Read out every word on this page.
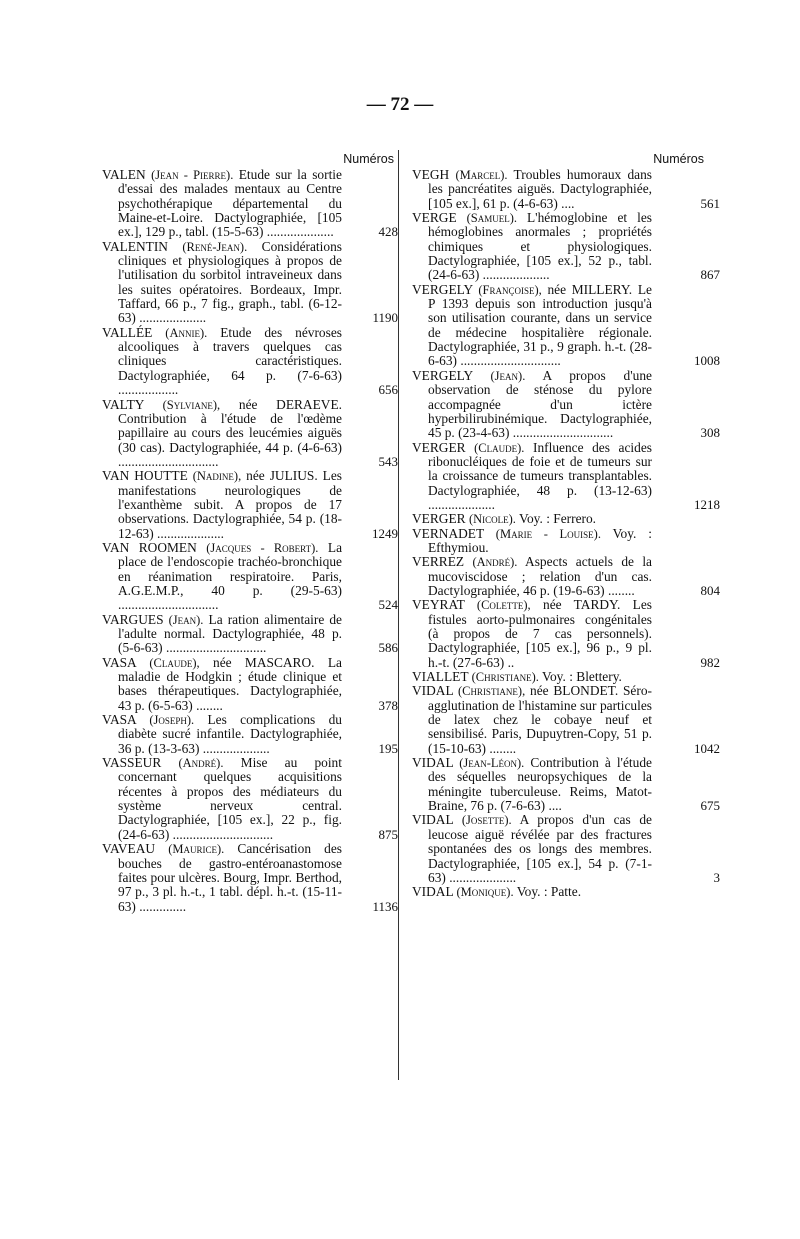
— 72 —
Numéros
VALEN (Jean - Pierre). Etude sur la sortie d'essai des malades mentaux au Centre psychothérapique départemental du Maine-et-Loire. Dactylographiée, [105 ex.], 129 p., tabl. (15-5-63) ....................	428
VALENTIN (René-Jean). Considérations cliniques et physiologiques à propos de l'utilisation du sorbitol intraveineux dans les suites opératoires. Bordeaux, Impr. Taffard, 66 p., 7 fig., graph., tabl. (6-12-63) ....................	1190
VALLÉE (Annie). Etude des névroses alcooliques à travers quelques cas cliniques caractéristiques. Dactylographiée, 64 p. (7-6-63) ..................	656
VALTY (Sylviane), née DERAEVE. Contribution à l'étude de l'œdème papillaire au cours des leucémies aiguës (30 cas). Dactylographiée, 44 p. (4-6-63) ..............................	543
VAN HOUTTE (Nadine), née JULIUS. Les manifestations neurologiques de l'exanthème subit. A propos de 17 observations. Dactylographiée, 54 p. (18-12-63) ....................	1249
VAN ROOMEN (Jacques - Robert). La place de l'endoscopie trachéo-bronchique en réanimation respiratoire. Paris, A.G.E.M.P., 40 p. (29-5-63) ..............................	524
VARGUES (Jean). La ration alimentaire de l'adulte normal. Dactylographiée, 48 p. (5-6-63) ..............................	586
VASA (Claude), née MASCARO. La maladie de Hodgkin ; étude clinique et bases thérapeutiques. Dactylographiée, 43 p. (6-5-63) ........	378
VASA (Joseph). Les complications du diabète sucré infantile. Dactylographiée, 36 p. (13-3-63) ....................	195
VASSEUR (André). Mise au point concernant quelques acquisitions récentes à propos des médiateurs du système nerveux central. Dactylographiée, [105 ex.], 22 p., fig. (24-6-63) ..............................	875
VAVEAU (Maurice). Cancérisation des bouches de gastro-entéroanastomose faites pour ulcères. Bourg, Impr. Berthod, 97 p., 3 pl. h.-t., 1 tabl. dépl. h.-t. (15-11-63) ..............	1136
Numéros
VEGH (Marcel). Troubles humoraux dans les pancréatites aiguës. Dactylographiée, [105 ex.], 61 p. (4-6-63) ....	561
VERGE (Samuel). L'hémoglobine et les hémoglobines anormales ; propriétés chimiques et physiologiques. Dactylographiée, [105 ex.], 52 p., tabl. (24-6-63) ....................	867
VERGELY (Françoise), née MILLERY. Le P 1393 depuis son introduction jusqu'à son utilisation courante, dans un service de médecine hospitalière régionale. Dactylographiée, 31 p., 9 graph. h.-t. (28-6-63) ..............................	1008
VERGELY (Jean). A propos d'une observation de sténose du pylore accompagnée d'un ictère hyperbilirubinémique. Dactylographiée, 45 p. (23-4-63) ..............................	308
VERGER (Claude). Influence des acides ribonucléiques de foie et de tumeurs sur la croissance de tumeurs transplantables. Dactylographiée, 48 p. (13-12-63) ....................	1218
VERGER (Nicole). Voy. : Ferrero.
VERNADET (Marie - Louise). Voy. : Efthymiou.
VERREZ (André). Aspects actuels de la mucoviscidose ; relation d'un cas. Dactylographiée, 46 p. (19-6-63) ........	804
VEYRAT (Colette), née TARDY. Les fistules aorto-pulmonaires congénitales (à propos de 7 cas personnels). Dactylographiée, [105 ex.], 96 p., 9 pl. h.-t. (27-6-63) ..	982
VIALLET (Christiane). Voy. : Blettery.
VIDAL (Christiane), née BLONDET. Séro-agglutination de l'histamine sur particules de latex chez le cobaye neuf et sensibilisé. Paris, Dupuytren-Copy, 51 p. (15-10-63) ........	1042
VIDAL (Jean-Léon). Contribution à l'étude des séquelles neuropsychiques de la méningite tuberculeuse. Reims, Matot-Braine, 76 p. (7-6-63) ....	675
VIDAL (Josette). A propos d'un cas de leucose aiguë révélée par des fractures spontanées des os longs des membres. Dactylographiée, [105 ex.], 54 p. (7-1-63) ....................	3
VIDAL (Monique). Voy. : Patte.
